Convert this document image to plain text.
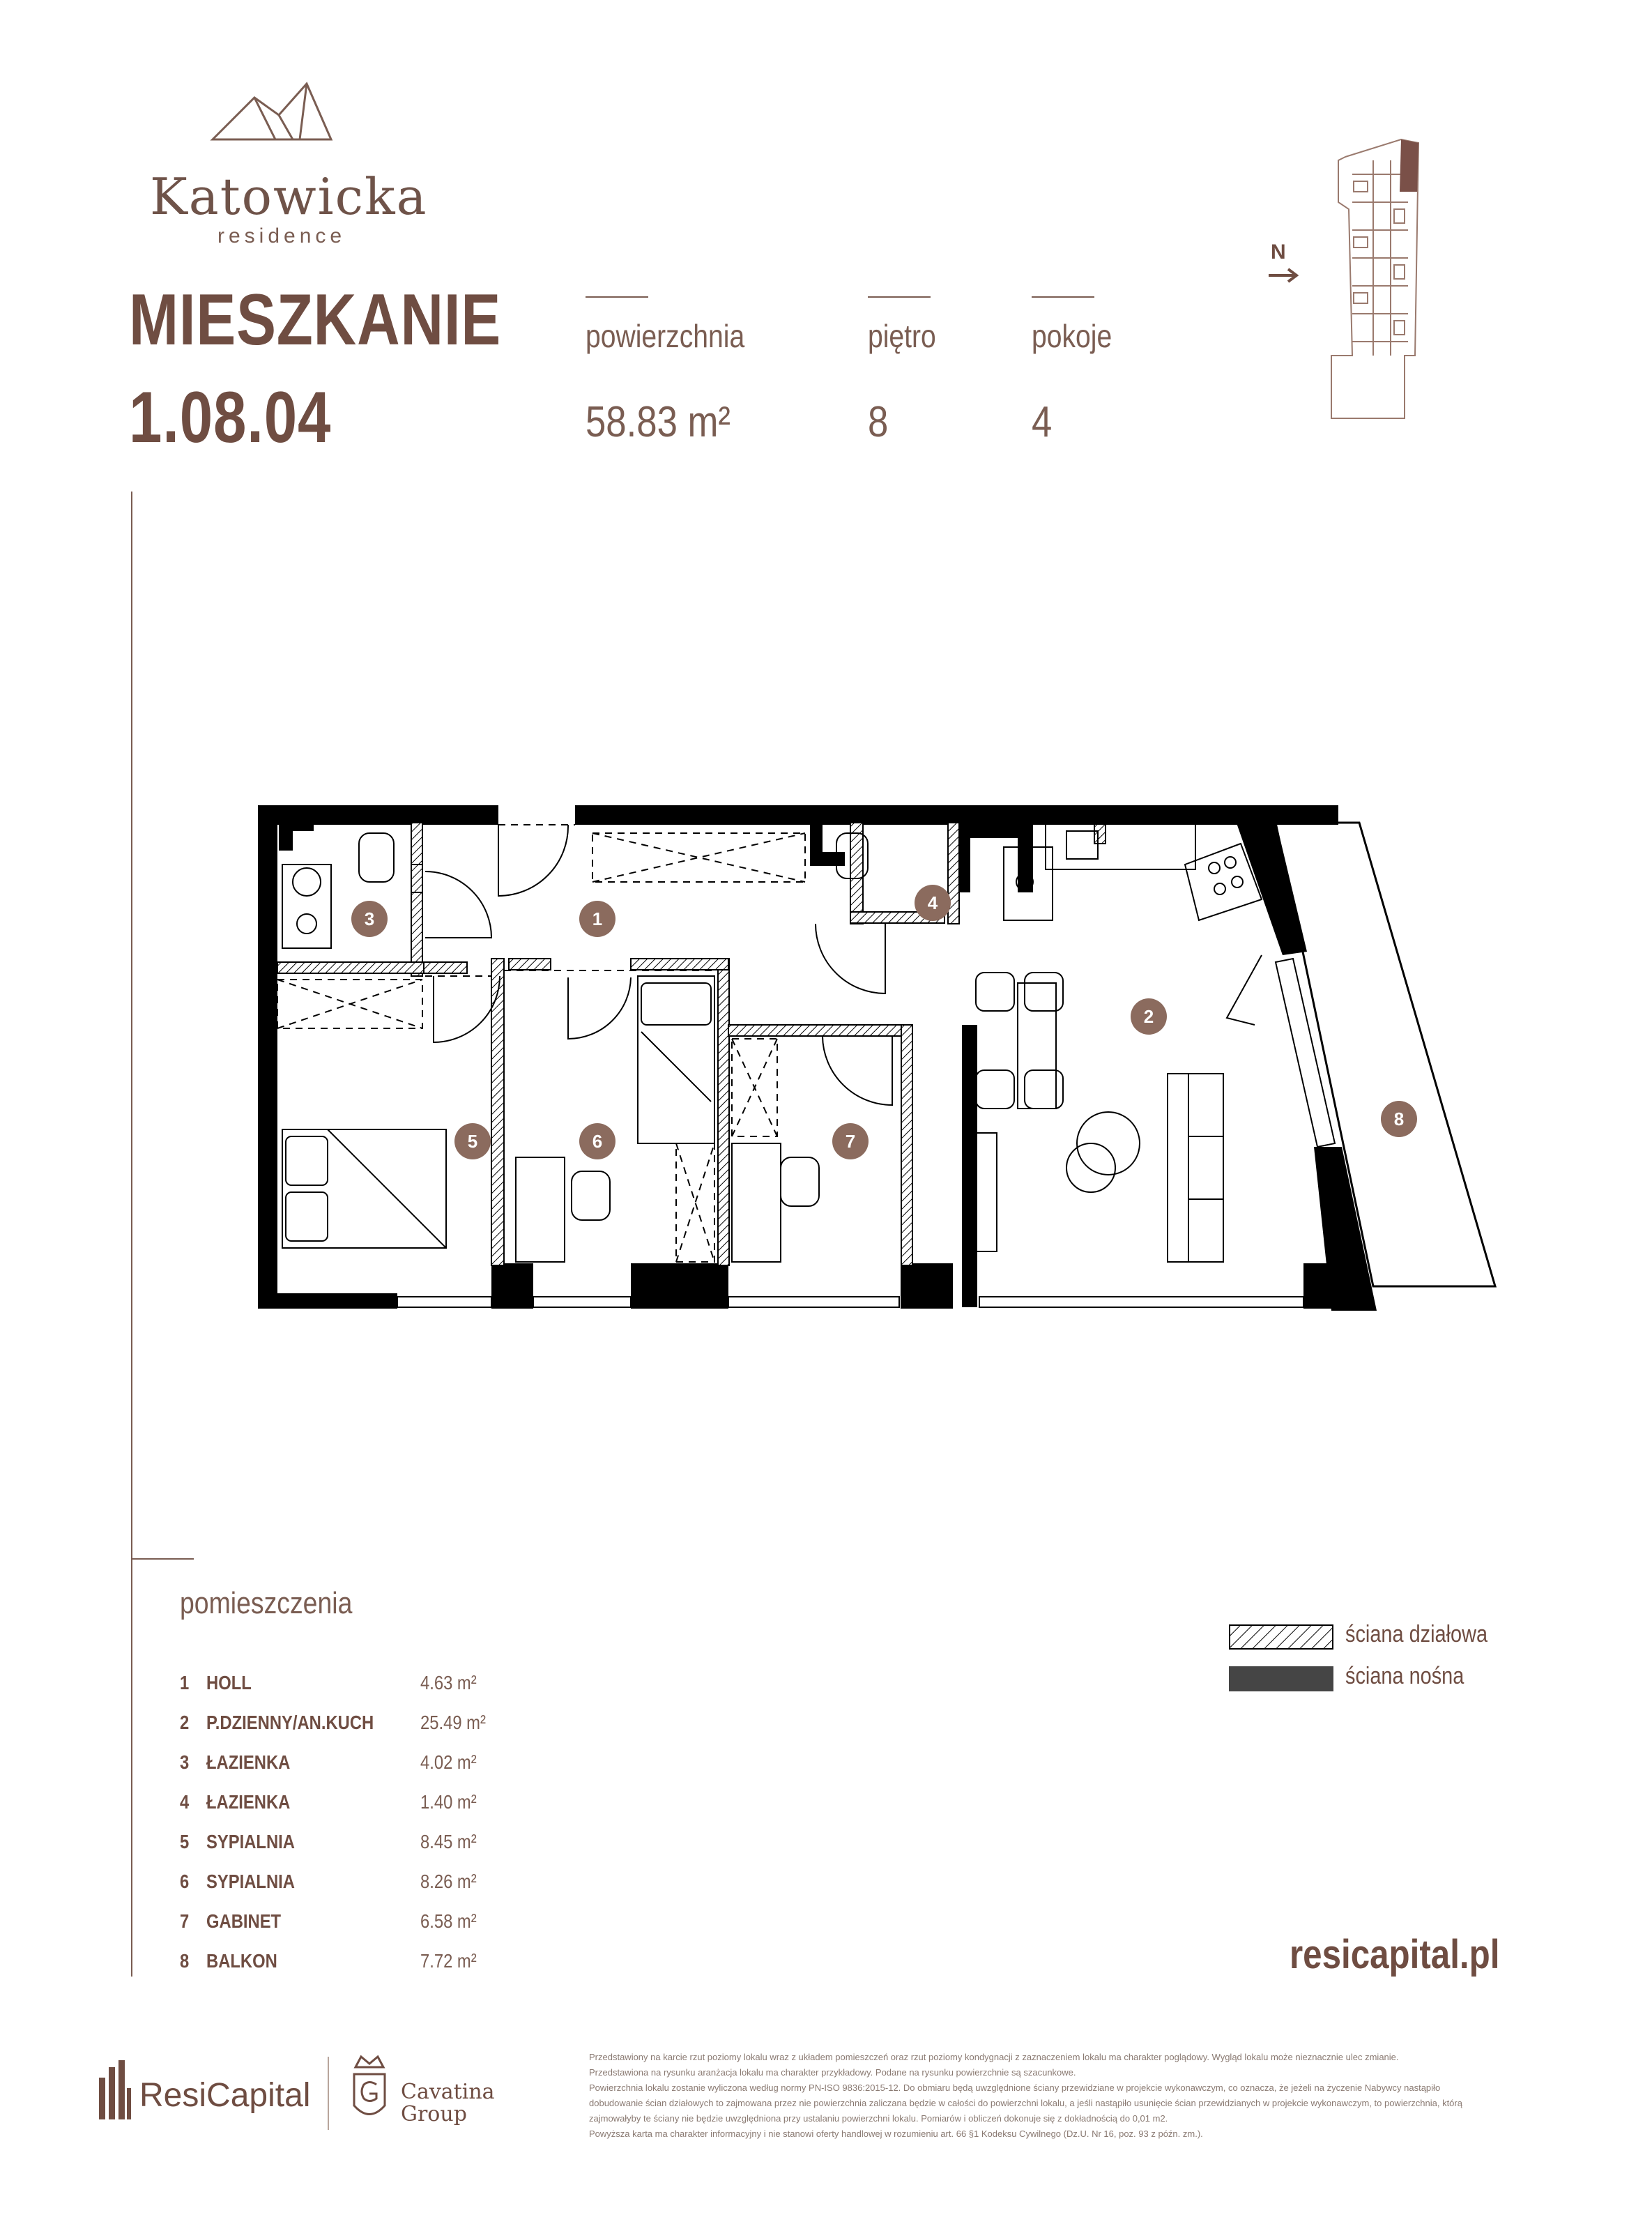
Katowicka
residence
MIESZKANIE
1.08.04
powierzchnia
58.83 m²
piętro
8
pokoje
4
N
1
2
3
4
5	6	7
8
pomieszczenia
1 HOLL	4.63 m²
2 P.DZIENNY/AN.KUCH 25.49 m²
3 ŁAZIENKA	4.02 m²
4 ŁAZIENKA	1.40 m²
5 SYPIALNIA	8.45 m²
6 SYPIALNIA	8.26 m²
7 GABINET	6.58 m²
8 BALKON	7.72 m²
ściana działowa
ściana nośna
resicapital.pl
ResiCapital	Cavatina
Group

Przedstawiony na karcie rzut poziomy lokalu wraz z układem pomieszczeń oraz rzut poziomy kondygnacji z zaznaczeniem lokalu ma charakter poglądowy. Wygląd lokalu może nieznacznie ulec zmianie.

Przedstawiona na rysunku aranżacja lokalu ma charakter przykładowy. Podane na rysunku powierzchnie są szacunkowe.

Powierzchnia lokalu zostanie wyliczona według normy PN-ISO 9836:2015-12. Do obmiaru będą uwzględnione ściany przewidziane w projekcie wykonawczym, co oznacza, że jeżeli na życzenie Nabywcy nastąpiło dobudowanie ścian działowych to zajmowana przez nie powierzchnia zaliczana będzie w całości do powierzchni lokalu, a jeśli nastąpiło usunięcie ścian przewidzianych w projekcie wykonawczym, to powierzchnia, którą zajmowałyby te ściany nie będzie uwzględniona przy ustalaniu powierzchni lokalu. Pomiarów i obliczeń dokonuje się z dokładnością do 0,01 m2.

Powyższa karta ma charakter informacyjny i nie stanowi oferty handlowej w rozumieniu art. 66 §1 Kodeksu Cywilnego (Dz.U. Nr 16, poz. 93 z późn. zm.).
